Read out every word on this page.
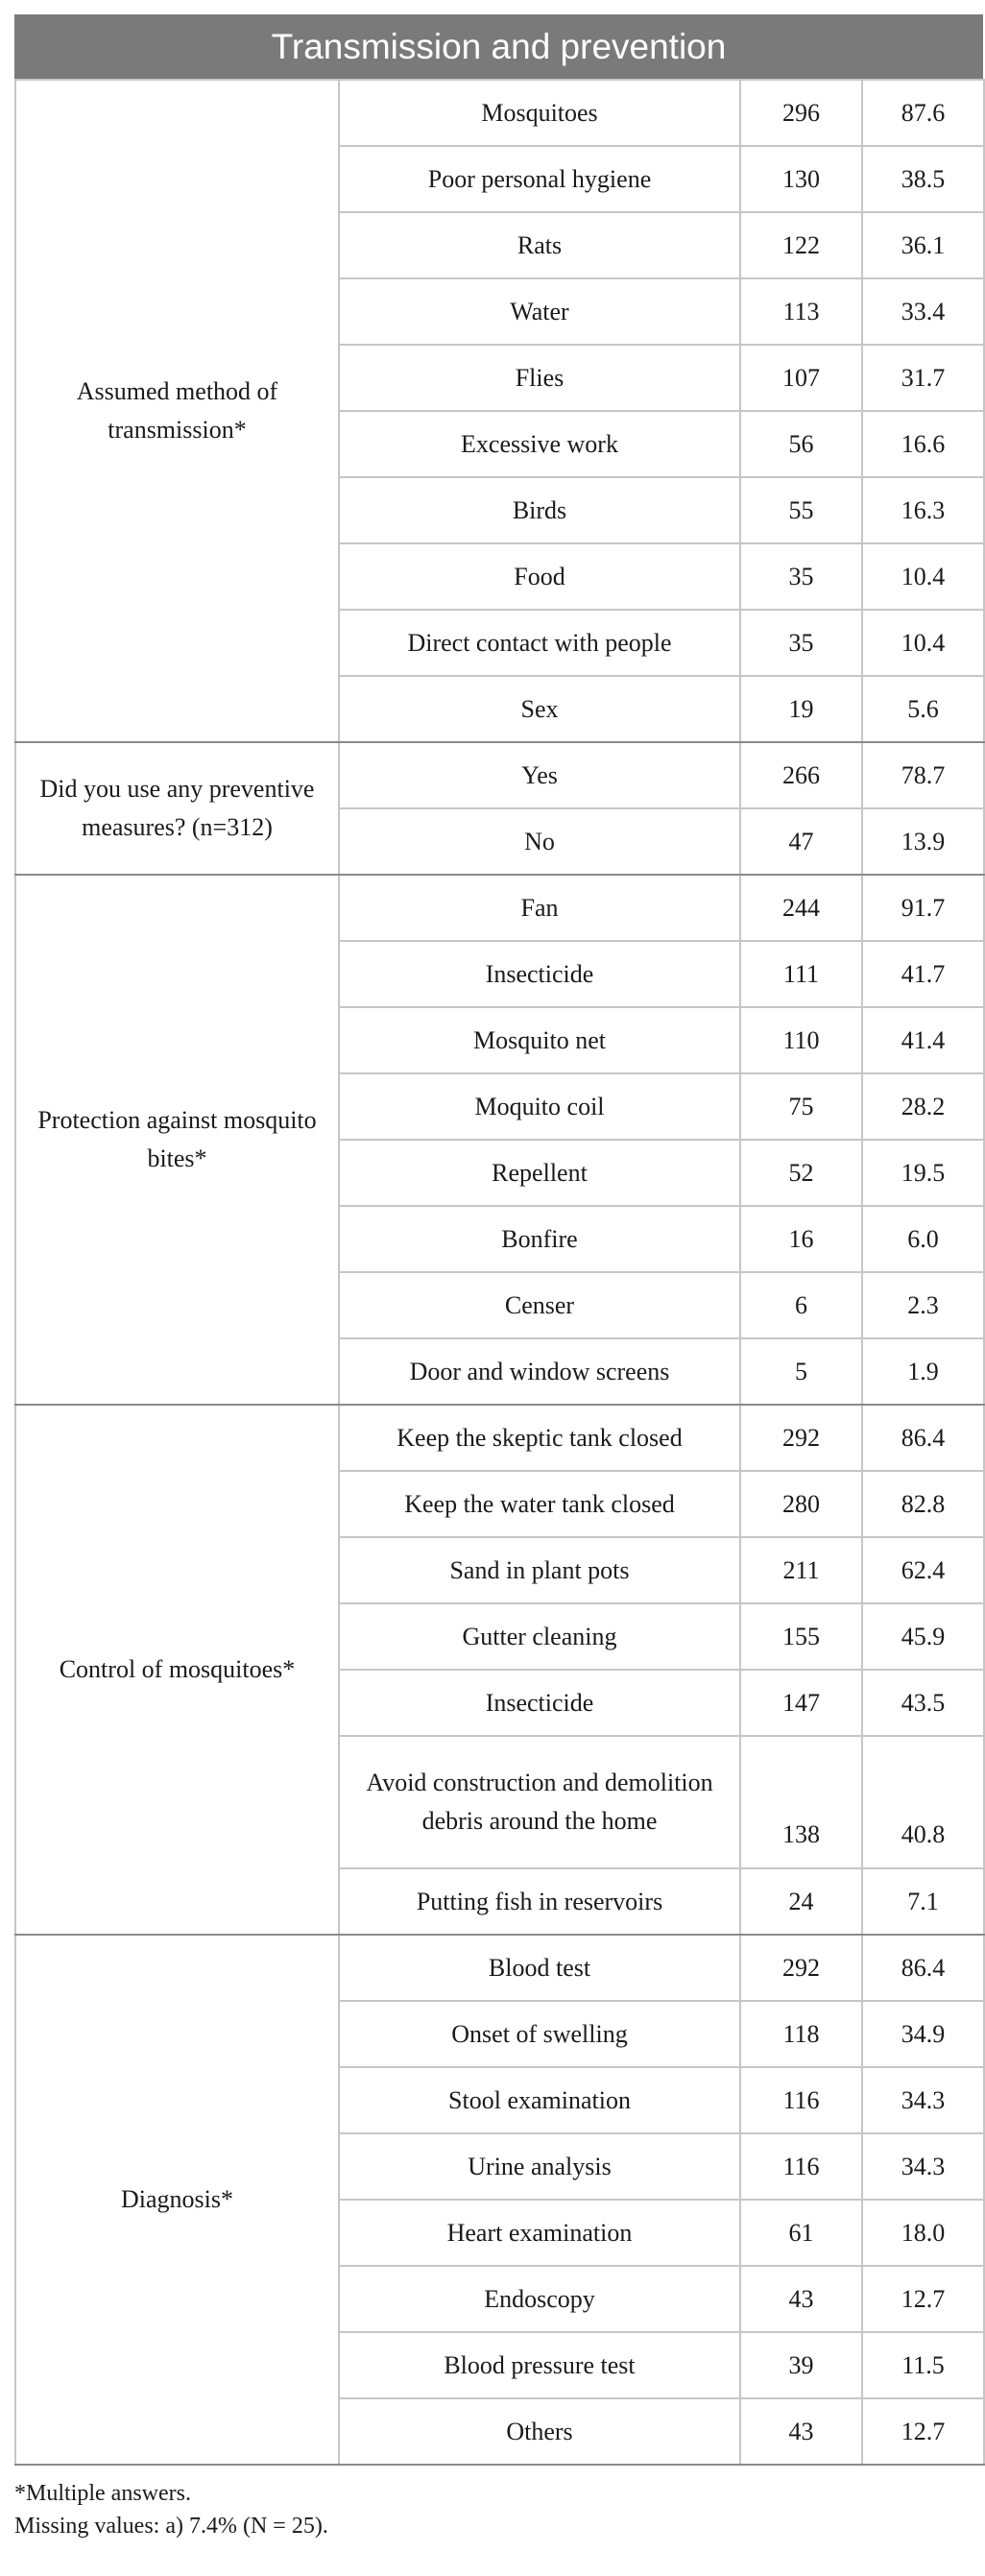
Transmission and prevention
Assumed method of transmission*	Mosquitoes	296	87.6
	Poor personal hygiene	130	38.5
	Rats	122	36.1
	Water	113	33.4
	Flies	107	31.7
	Excessive work	56	16.6
	Birds	55	16.3
	Food	35	10.4
	Direct contact with people	35	10.4
	Sex	19	5.6
Did you use any preventive measures? (n=312)	Yes	266	78.7
	No	47	13.9
Protection against mosquito bites*	Fan	244	91.7
	Insecticide	111	41.7
	Mosquito net	110	41.4
	Moquito coil	75	28.2
	Repellent	52	19.5
	Bonfire	16	6.0
	Censer	6	2.3
	Door and window screens	5	1.9
Control of mosquitoes*	Keep the skeptic tank closed	292	86.4
	Keep the water tank closed	280	82.8
	Sand in plant pots	211	62.4
	Gutter cleaning	155	45.9
	Insecticide	147	43.5
	Avoid construction and demolition debris around the home	138	40.8
	Putting fish in reservoirs	24	7.1
Diagnosis*	Blood test	292	86.4
	Onset of swelling	118	34.9
	Stool examination	116	34.3
	Urine analysis	116	34.3
	Heart examination	61	18.0
	Endoscopy	43	12.7
	Blood pressure test	39	11.5
	Others	43	12.7
*Multiple answers.
Missing values: a) 7.4% (N = 25).
